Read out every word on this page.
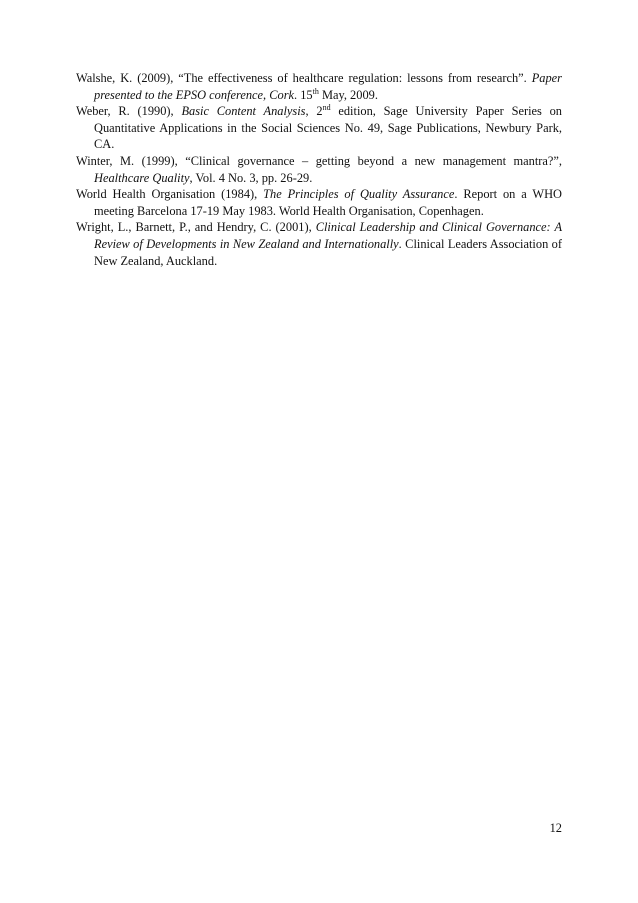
Walshe, K. (2009), “The effectiveness of healthcare regulation: lessons from research”. Paper presented to the EPSO conference, Cork. 15th May, 2009.

Weber, R. (1990), Basic Content Analysis, 2nd edition, Sage University Paper Series on Quantitative Applications in the Social Sciences No. 49, Sage Publications, Newbury Park, CA.

Winter, M. (1999), “Clinical governance – getting beyond a new management mantra?”, Healthcare Quality, Vol. 4 No. 3, pp. 26-29.

World Health Organisation (1984), The Principles of Quality Assurance. Report on a WHO meeting Barcelona 17-19 May 1983. World Health Organisation, Copenhagen.

Wright, L., Barnett, P., and Hendry, C. (2001), Clinical Leadership and Clinical Governance: A Review of Developments in New Zealand and Internationally. Clinical Leaders Association of New Zealand, Auckland.

12
